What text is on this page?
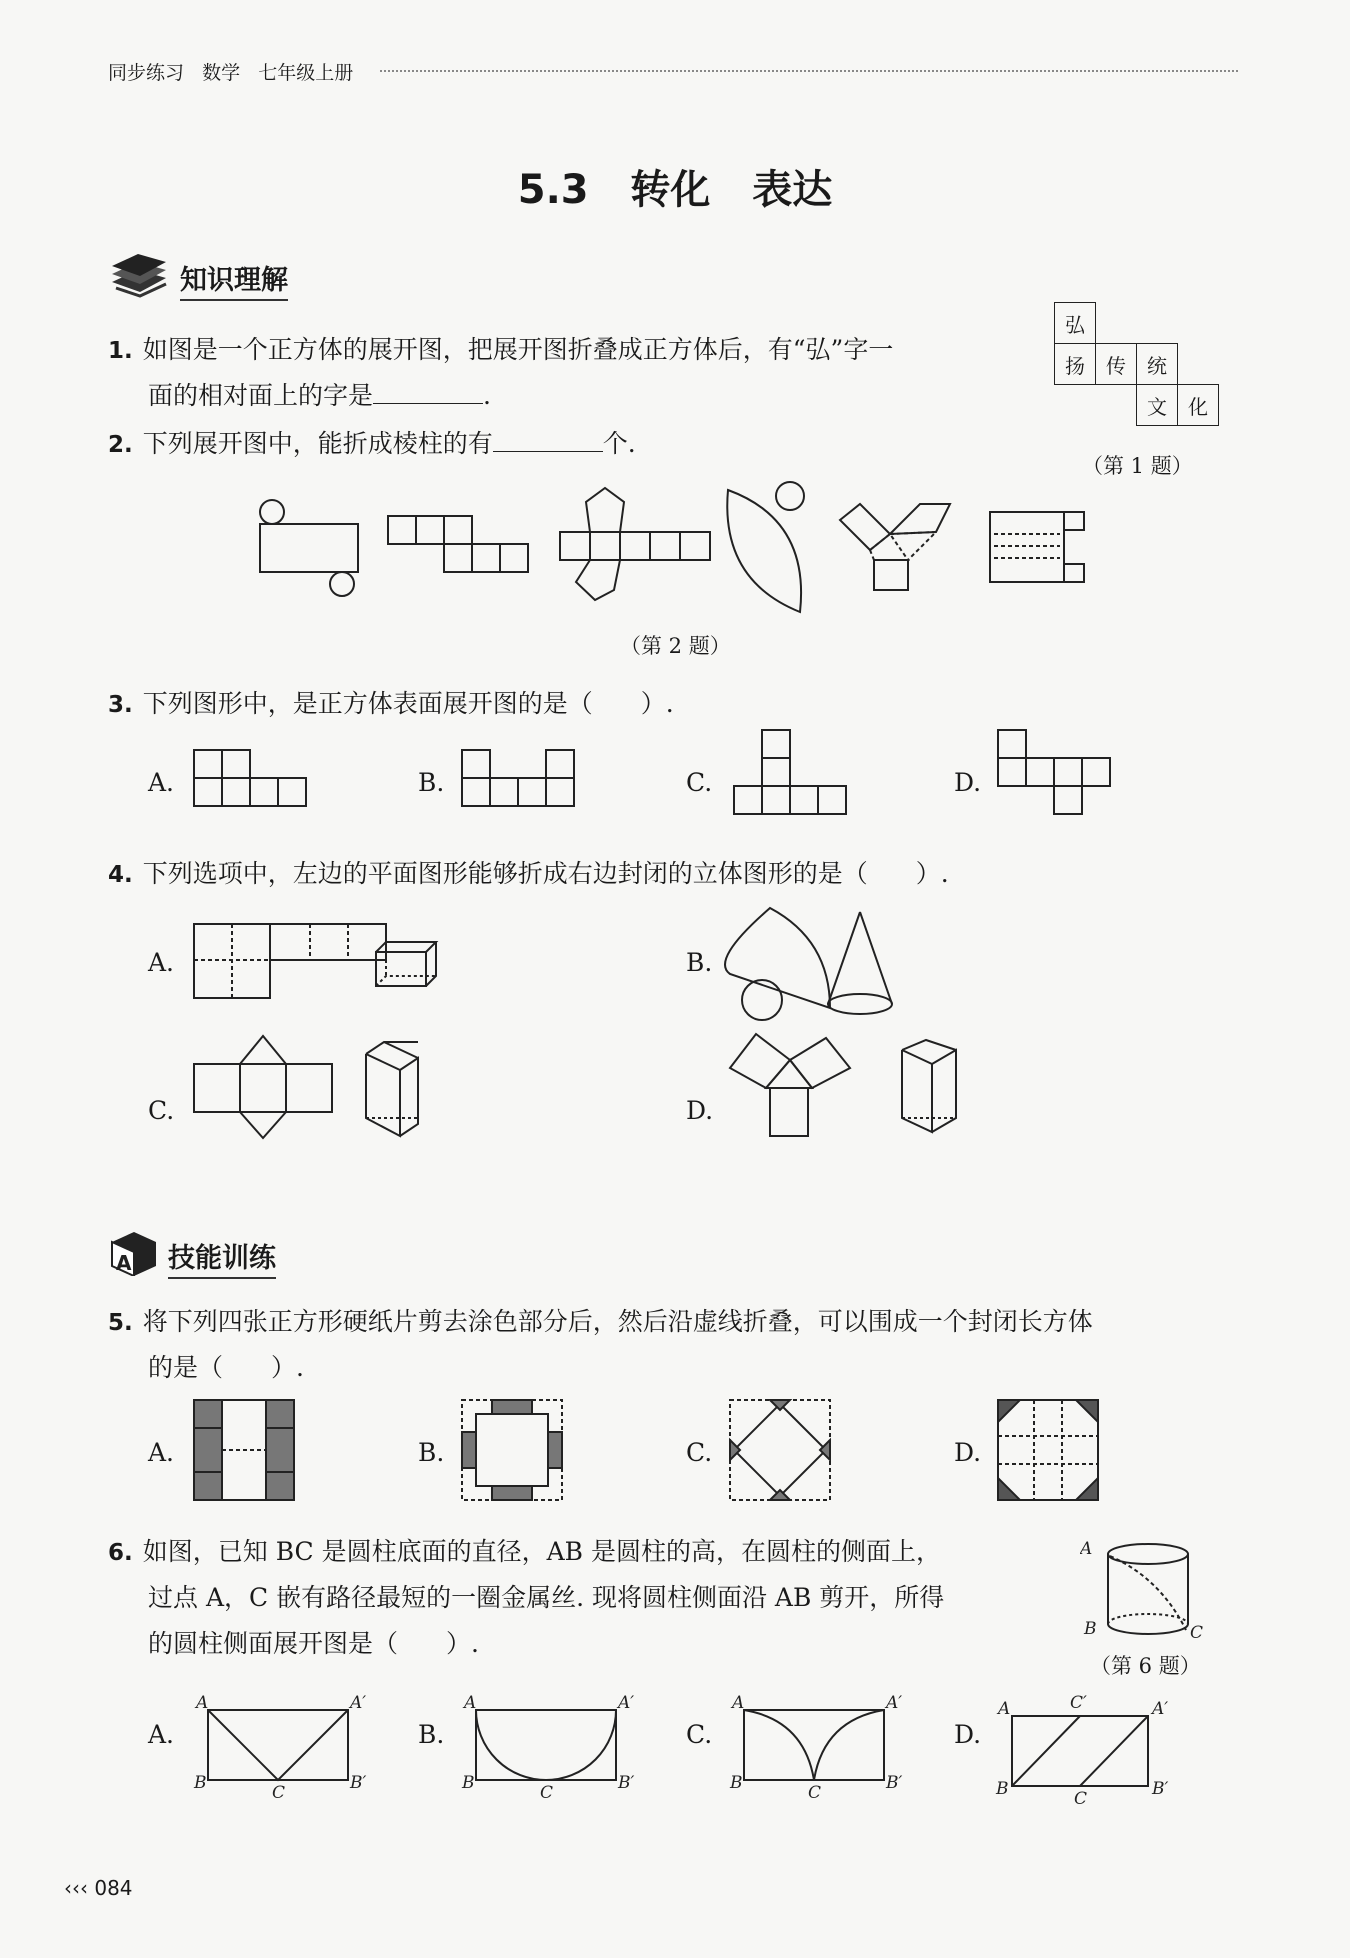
同步练习   数学   七年级上册
5.3   转化   表达
知识理解
1. 如图是一个正方体的展开图，把展开图折叠成正方体后，有“弘”字一
面的相对面上的字是	.
弘			
扬	传	统	
		文	化
（第 1 题）
2. 下列展开图中，能折成棱柱的有	个.
（第 2 题）
3. 下列图形中，是正方体表面展开图的是（ ）.
A.	B.	C.	D.
4. 下列选项中，左边的平面图形能够折成右边封闭的立体图形的是（ ）.
A.	B.
C.	D.
A 技能训练
5. 将下列四张正方形硬纸片剪去涂色部分后，然后沿虚线折叠，可以围成一个封闭长方体
的是（ ）.
A.	B.	C.	D.
6. 如图，已知 BC 是圆柱底面的直径，AB 是圆柱的高，在圆柱的侧面上，
过点 A，C 嵌有路径最短的一圈金属丝. 现将圆柱侧面沿 AB 剪开，所得
的圆柱侧面展开图是（ ）.
A
B	C
（第 6 题）
A.	B.	C.	D.
A	A′
B	B′
C
A	A′
B	B′
C
A	A′
B	B′
C
A	C′	A′
B	C	B′
‹‹‹ 084
